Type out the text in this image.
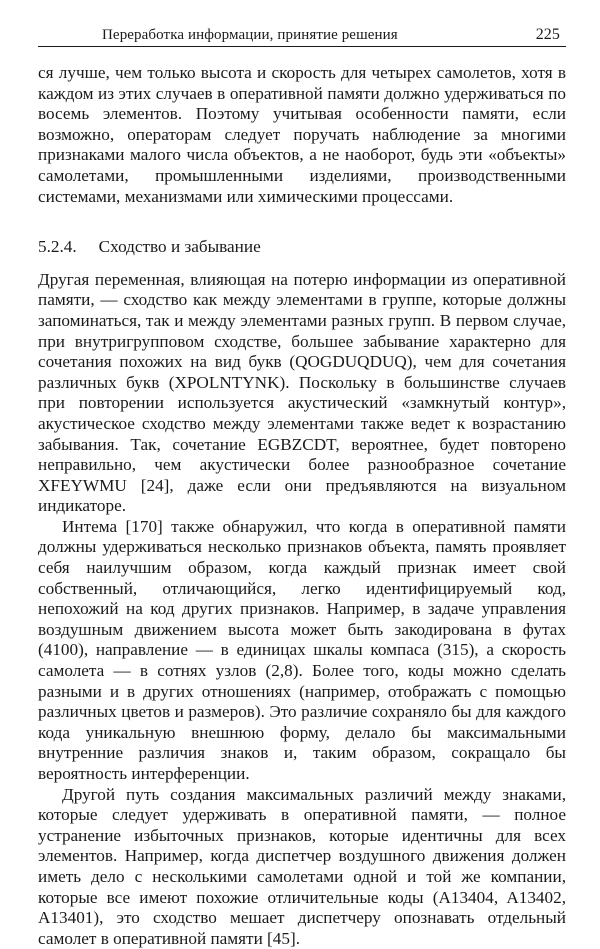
Переработка информации, принятие решения	225

ся лучше, чем только высота и скорость для четырех самолетов, хотя в каждом из этих случаев в оперативной памяти должно удерживаться по восемь элементов. Поэтому учитывая особенности памяти, если возможно, операторам следует поручать наблюдение за многими признаками малого числа объектов, а не наоборот, будь эти «объекты» самолетами, промышленными изделиями, производственными системами, механизмами или химическими процессами.

5.2.4. Сходство и забывание

Другая переменная, влияющая на потерю информации из оперативной памяти, — сходство как между элементами в группе, которые должны запоминаться, так и между элементами разных групп. В первом случае, при внутригрупповом сходстве, большее забывание характерно для сочетания похожих на вид букв (QOGDUQDUQ), чем для сочетания различных букв (XPOLNTYNK). Поскольку в большинстве случаев при повторении используется акустический «замкнутый контур», акустическое сходство между элементами также ведет к возрастанию забывания. Так, сочетание EGBZCDT, вероятнее, будет повторено неправильно, чем акустически более разнообразное сочетание XFEYWMU [24], даже если они предъявляются на визуальном индикаторе.

Интема [170] также обнаружил, что когда в оперативной памяти должны удерживаться несколько признаков объекта, память проявляет себя наилучшим образом, когда каждый признак имеет свой собственный, отличающийся, легко идентифицируемый код, непохожий на код других признаков. Например, в задаче управления воздушным движением высота может быть закодирована в футах (4100), направление — в единицах шкалы компаса (315), а скорость самолета — в сотнях узлов (2,8). Более того, коды можно сделать разными и в других отношениях (например, отображать с помощью различных цветов и размеров). Это различие сохраняло бы для каждого кода уникальную внешнюю форму, делало бы максимальными внутренние различия знаков и, таким образом, сокращало бы вероятность интерференции.

Другой путь создания максимальных различий между знаками, которые следует удерживать в оперативной памяти, — полное устранение избыточных признаков, которые идентичны для всех элементов. Например, когда диспетчер воздушного движения должен иметь дело с несколькими самолетами одной и той же компании, которые все имеют похожие отличительные коды (A13404, A13402, A13401), это сходство мешает диспетчеру опознавать отдельный самолет в оперативной памяти [45].
